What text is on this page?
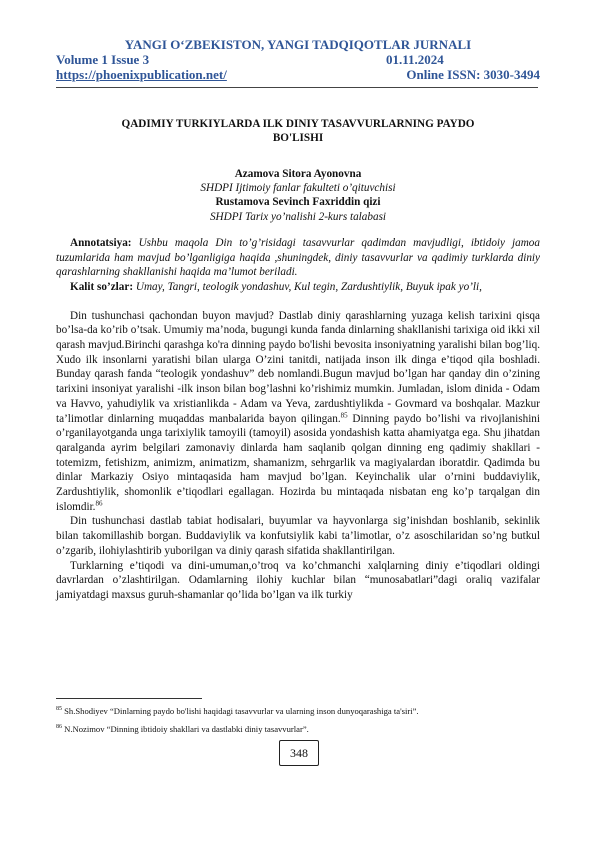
YANGI O‘ZBEKISTON, YANGI TADQIQOTLAR JURNALI

Volume 1 Issue 3	01.11.2024
https://phoenixpublication.net/	Online ISSN: 3030-3494

QADIMIY TURKIYLARDA ILK DINIY TASAVVURLARNING PAYDO BO'LISHI

Azamova Sitora Ayonovna
SHDPI Ijtimoiy fanlar fakulteti o’qituvchisi
Rustamova Sevinch Faxriddin qizi
SHDPI Tarix yo’nalishi 2-kurs talabasi

Annotatsiya: Ushbu maqola Din to’g’risidagi tasavvurlar qadimdan mavjudligi, ibtidoiy jamoa tuzumlarida ham mavjud bo’lganligiga haqida ,shuningdek, diniy tasavvurlar va qadimiy turklarda diniy qarashlarning shakllanishi haqida ma’lumot beriladi.

Kalit so’zlar: Umay, Tangri, teologik yondashuv, Kul tegin, Zardushtiylik, Buyuk ipak yo’li,

Din tushunchasi qachondan buyon mavjud? Dastlab diniy qarashlarning yuzaga kelish tarixini qisqa bo’lsa-da ko’rib o’tsak. Umumiy ma’noda, bugungi kunda fanda dinlarning shakllanishi tarixiga oid ikki xil qarash mavjud.Birinchi qarashga ko'ra dinning paydo bo'lishi bevosita insoniyatning yaralishi bilan bog’liq. Xudo ilk insonlarni yaratishi bilan ularga O’zini tanitdi, natijada inson ilk dinga e’tiqod qila boshladi. Bunday qarash fanda “teologik yondashuv” deb nomlandi.Bugun mavjud bo’lgan har qanday din o’zining tarixini insoniyat yaralishi -ilk inson bilan bog’lashni ko’rishimiz mumkin. Jumladan, islom dinida - Odam va Havvo, yahudiylik va xristianlikda - Adam va Yeva, zardushtiylikda - Govmard va boshqalar. Mazkur ta’limotlar dinlarning muqaddas manbalarida bayon qilingan.$^{85}$ Dinning paydo bo’lishi va rivojlanishini o’rganilayotganda unga tarixiylik tamoyili (tamoyil) asosida yondashish katta ahamiyatga ega. Shu jihatdan qaralganda ayrim belgilari zamonaviy dinlarda ham saqlanib qolgan dinning eng qadimiy shakllari - totemizm, fetishizm, animizm, animatizm, shamanizm, sehrgarlik va magiyalardan iboratdir. Qadimda bu dinlar Markaziy Osiyo mintaqasida ham mavjud bo’lgan. Keyinchalik ular o’rnini buddaviylik, Zardushtiylik, shomonlik e’tiqodlari egallagan. Hozirda bu mintaqada nisbatan eng ko’p tarqalgan din islomdir.$^{86}$

Din tushunchasi dastlab tabiat hodisalari, buyumlar va hayvonlarga sig’inishdan boshlanib, sekinlik bilan takomillashib borgan. Buddaviylik va konfutsiylik kabi ta’limotlar, o’z asoschilaridan so’ng butkul o’zgarib, ilohiylashtirib yuborilgan va diniy qarash sifatida shakllantirilgan.

Turklarning e’tiqodi va dini-umuman,o’troq va ko’chmanchi xalqlarning diniy e’tiqodlari oldingi davrlardan o’zlashtirilgan. Odamlarning ilohiy kuchlar bilan “munosabatlari”dagi oraliq vazifalar jamiyatdagi maxsus guruh-shamanlar qo’lida bo’lgan va ilk turkiy

$^{85}$ Sh.Shodiyev “Dinlarning paydo bo'lishi haqidagi tasavvurlar va ularning inson dunyoqarashiga ta'siri”.

$^{86}$ N.Nozimov “Dinning ibtidoiy shakllari va dastlabki diniy tasavvurlar”.

348
